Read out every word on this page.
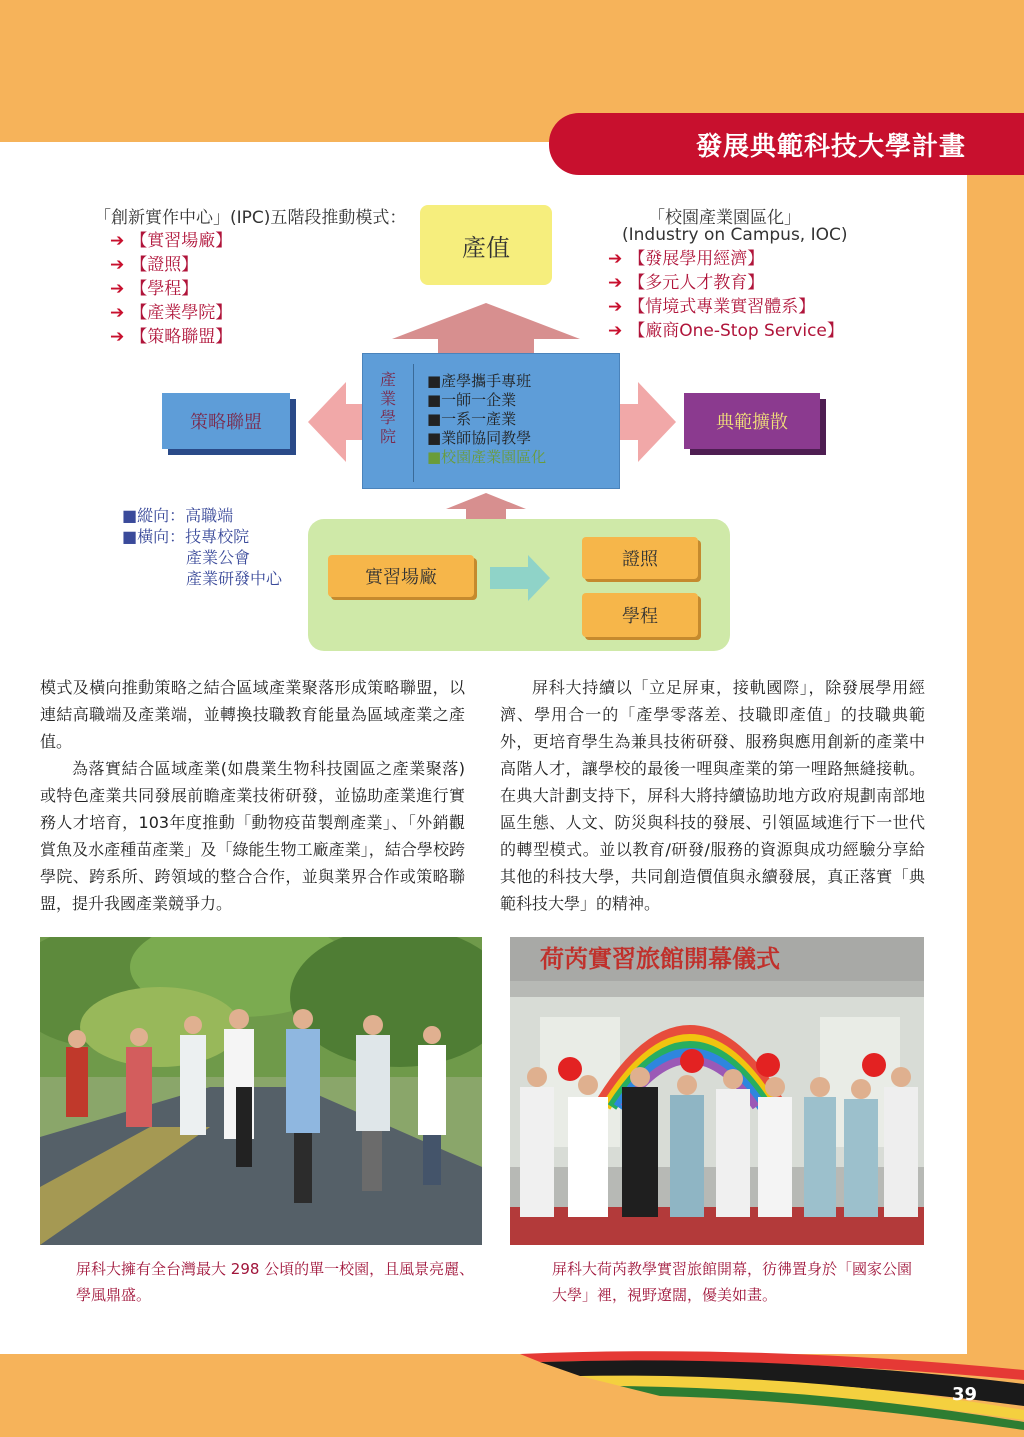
發展典範科技大學計畫
「創新實作中心」(IPC)五階段推動模式：
➔ 【實習場廠】
➔ 【證照】
➔ 【學程】
➔ 【產業學院】
➔ 【策略聯盟】
「校園產業園區化」
(Industry on Campus, IOC)
➔ 【發展學用經濟】
➔ 【多元人才教育】
➔ 【情境式專業實習體系】
➔ 【廠商One-Stop Service】
產值
產
業
學
院
■產學攜手專班
■一師一企業
■一系一產業
■業師協同教學
■校園產業園區化
策略聯盟	典範擴散
■縱向：高職端
■橫向：技專校院
產業公會
產業研發中心	實習場廠
證照
學程

模式及橫向推動策略之結合區域產業聚落形成策略聯盟，以連結高職端及產業端，並轉換技職教育能量為區域產業之產值。

為落實結合區域產業(如農業生物科技園區之產業聚落)或特色產業共同發展前瞻產業技術研發，並協助產業進行實務人才培育，103年度推動「動物疫苗製劑產業」、「外銷觀賞魚及水產種苗產業」及「綠能生物工廠產業」，結合學校跨學院、跨系所、跨領域的整合合作，並與業界合作或策略聯盟，提升我國產業競爭力。

屏科大持續以「立足屏東，接軌國際」，除發展學用經濟、學用合一的「產學零落差、技職即產值」的技職典範外，更培育學生為兼具技術研發、服務與應用創新的產業中高階人才，讓學校的最後一哩與產業的第一哩路無縫接軌。在典大計劃支持下，屏科大將持續協助地方政府規劃南部地區生態、人文、防災與科技的發展、引領區域進行下一世代的轉型模式。並以教育/研發/服務的資源與成功經驗分享給其他的科技大學，共同創造價值與永續發展，真正落實「典範科技大學」的精神。

荷芮實習旅館開幕儀式
屏科大擁有全台灣最大 298 公頃的單一校園，且風景亮麗、學風鼎盛。
屏科大荷芮教學實習旅館開幕，彷彿置身於「國家公園大學」裡，視野遼闊，優美如畫。
39
